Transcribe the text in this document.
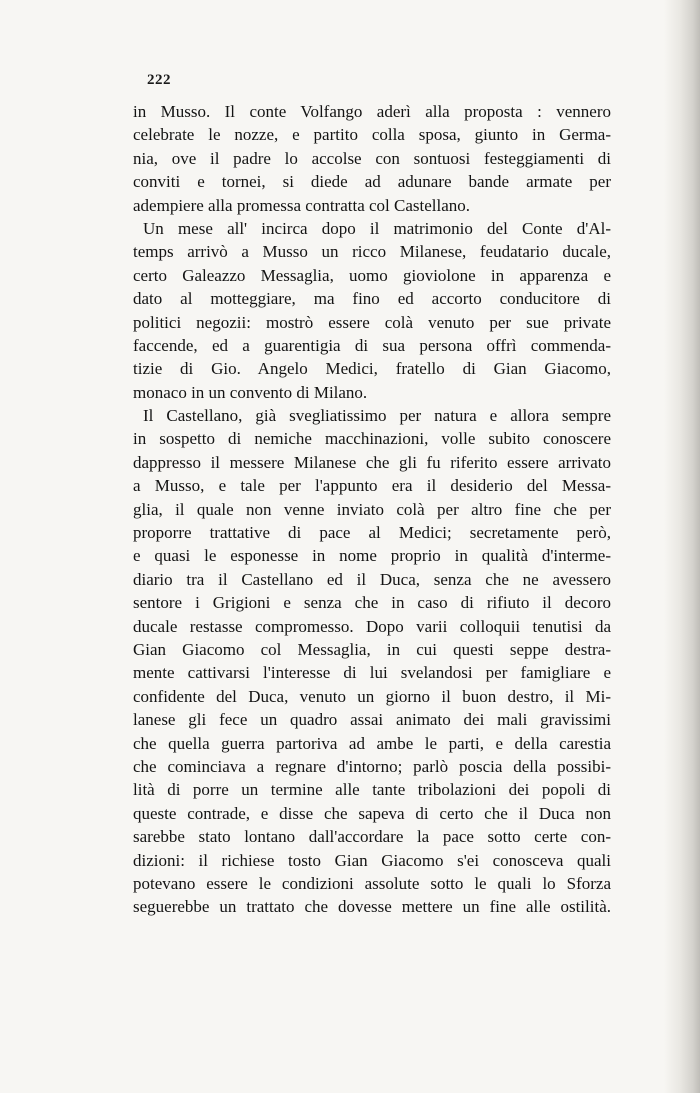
222
in Musso. Il conte Volfango aderì alla proposta : vennero
celebrate le nozze, e partito colla sposa, giunto in Germa-
nia, ove il padre lo accolse con sontuosi festeggiamenti di
conviti e tornei, si diede ad adunare bande armate per
adempiere alla promessa contratta col Castellano.
Un mese all' incirca dopo il matrimonio del Conte d'Al-
temps arrivò a Musso un ricco Milanese, feudatario ducale,
certo Galeazzo Messaglia, uomo gioviolone in apparenza e
dato al motteggiare, ma fino ed accorto conducitore di
politici negozii: mostrò essere colà venuto per sue private
faccende, ed a guarentigia di sua persona offrì commenda-
tizie di Gio. Angelo Medici, fratello di Gian Giacomo,
monaco in un convento di Milano.
Il Castellano, già svegliatissimo per natura e allora sempre
in sospetto di nemiche macchinazioni, volle subito conoscere
dappresso il messere Milanese che gli fu riferito essere arrivato
a Musso, e tale per l'appunto era il desiderio del Messa-
glia, il quale non venne inviato colà per altro fine che per
proporre trattative di pace al Medici; secretamente però,
e quasi le esponesse in nome proprio in qualità d'interme-
diario tra il Castellano ed il Duca, senza che ne avessero
sentore i Grigioni e senza che in caso di rifiuto il decoro
ducale restasse compromesso. Dopo varii colloquii tenutisi da
Gian Giacomo col Messaglia, in cui questi seppe destra-
mente cattivarsi l'interesse di lui svelandosi per famigliare e
confidente del Duca, venuto un giorno il buon destro, il Mi-
lanese gli fece un quadro assai animato dei mali gravissimi
che quella guerra partoriva ad ambe le parti, e della carestia
che cominciava a regnare d'intorno; parlò poscia della possibi-
lità di porre un termine alle tante tribolazioni dei popoli di
queste contrade, e disse che sapeva di certo che il Duca non
sarebbe stato lontano dall'accordare la pace sotto certe con-
dizioni: il richiese tosto Gian Giacomo s'ei conosceva quali
potevano essere le condizioni assolute sotto le quali lo Sforza
seguerebbe un trattato che dovesse mettere un fine alle ostilità.
